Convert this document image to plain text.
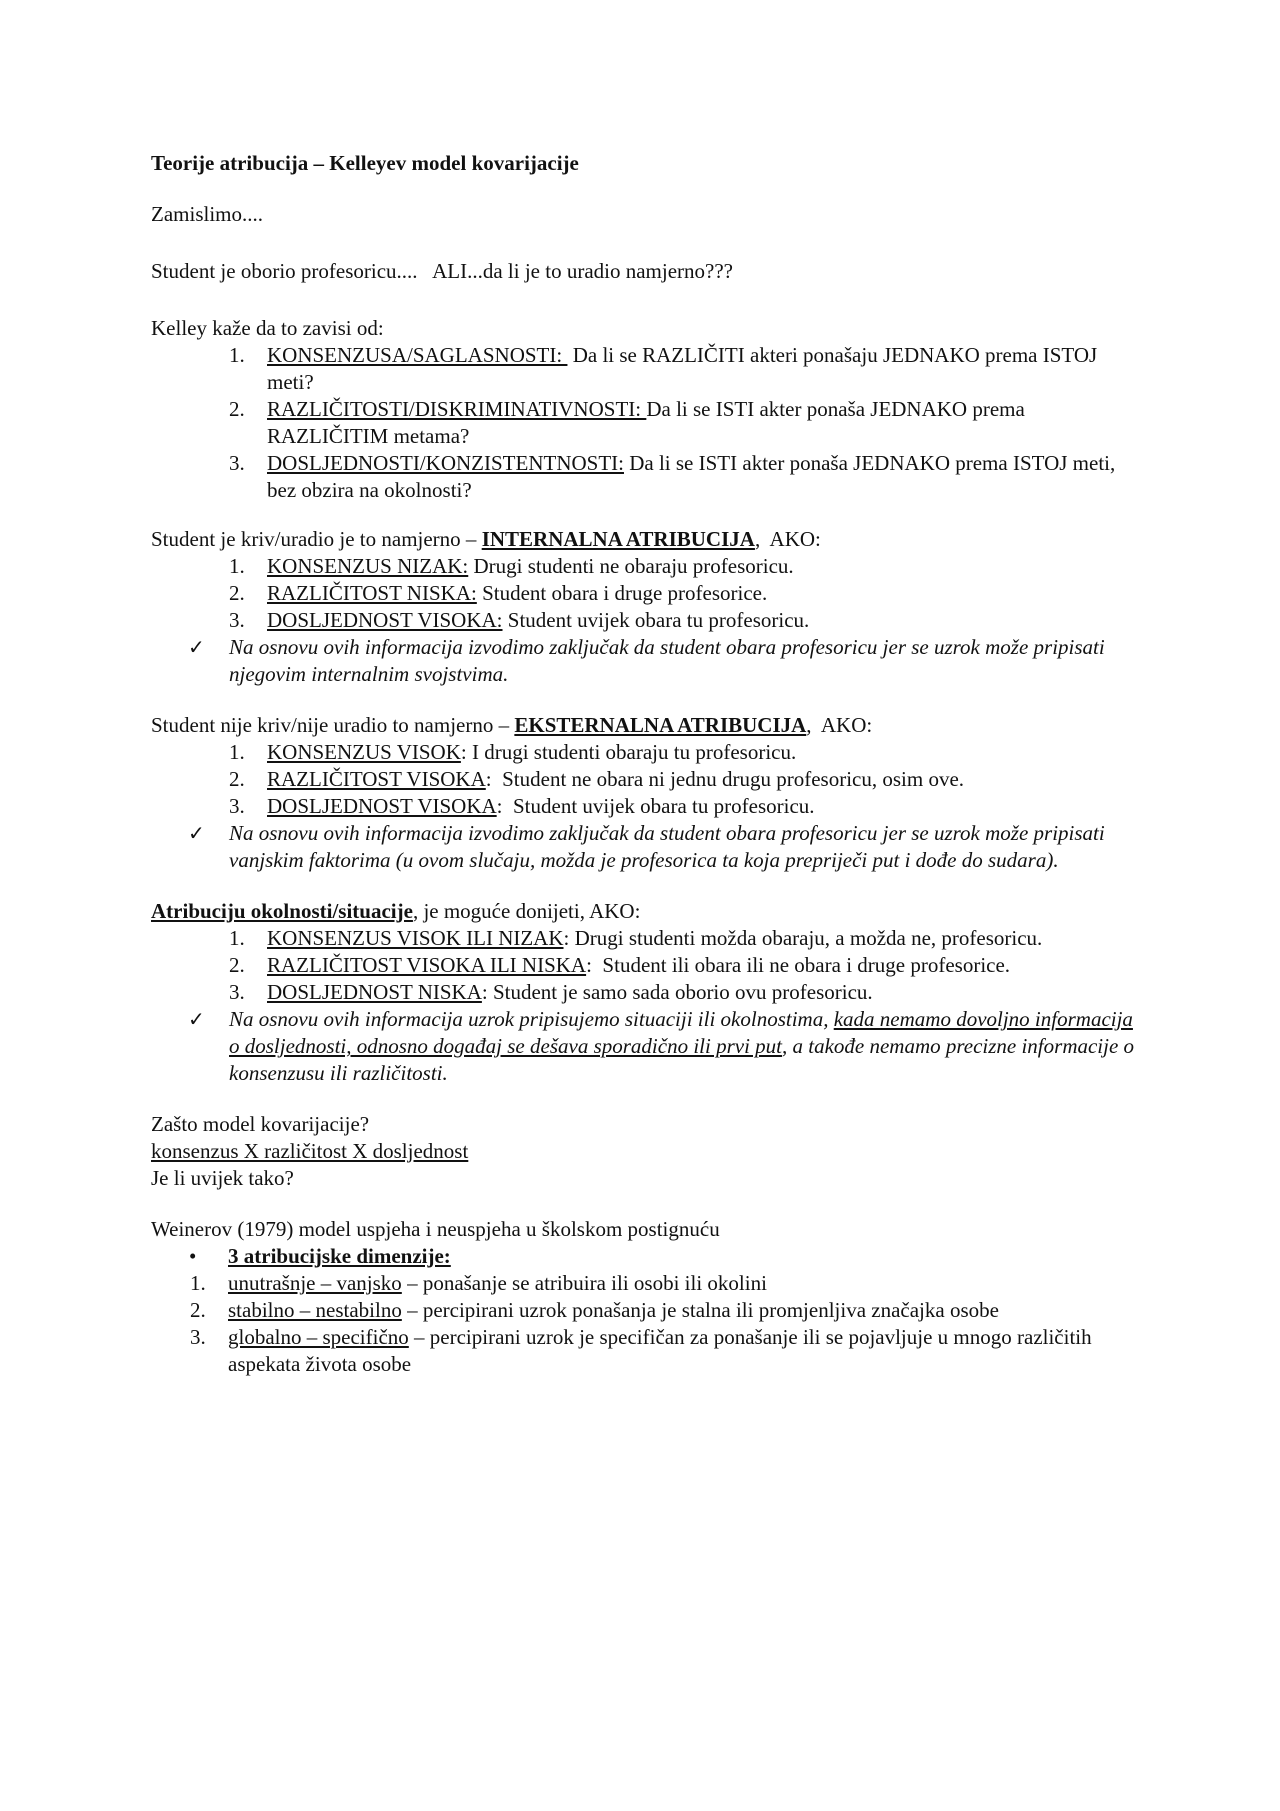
Teorije atribucija – Kelleyev model kovarijacije

Zamislimo....

Student je oborio profesoricu....   ALI...da li je to uradio namjerno???

Kelley kaže da to zavisi od:

1. KONSENZUSA/SAGLASNOSTI:  Da li se RAZLIČITI akteri ponašaju JEDNAKO prema ISTOJ meti?
2. RAZLIČITOSTI/DISKRIMINATIVNOSTI: Da li se ISTI akter ponaša JEDNAKO prema RAZLIČITIM metama?
3. DOSLJEDNOSTI/KONZISTENTNOSTI: Da li se ISTI akter ponaša JEDNAKO prema ISTOJ meti, bez obzira na okolnosti?

Student je kriv/uradio je to namjerno – INTERNALNA ATRIBUCIJA,  AKO:

1. KONSENZUS NIZAK: Drugi studenti ne obaraju profesoricu.
2. RAZLIČITOST NISKA: Student obara i druge profesorice.
3. DOSLJEDNOST VISOKA: Student uvijek obara tu profesoricu.
✓ Na osnovu ovih informacija izvodimo zaključak da student obara profesoricu jer se uzrok može pripisati njegovim internalnim svojstvima.

Student nije kriv/nije uradio to namjerno – EKSTERNALNA ATRIBUCIJA,  AKO:

1. KONSENZUS VISOK: I drugi studenti obaraju tu profesoricu.
2. RAZLIČITOST VISOKA:  Student ne obara ni jednu drugu profesoricu, osim ove.
3. DOSLJEDNOST VISOKA:  Student uvijek obara tu profesoricu.
✓ Na osnovu ovih informacija izvodimo zaključak da student obara profesoricu jer se uzrok može pripisati vanjskim faktorima (u ovom slučaju, možda je profesorica ta koja prepriječi put i dođe do sudara).

Atribuciju okolnosti/situacije, je moguće donijeti, AKO:

1. KONSENZUS VISOK ILI NIZAK: Drugi studenti možda obaraju, a možda ne, profesoricu.
2. RAZLIČITOST VISOKA ILI NISKA:  Student ili obara ili ne obara i druge profesorice.
3. DOSLJEDNOST NISKA: Student je samo sada oborio ovu profesoricu.
✓ Na osnovu ovih informacija uzrok pripisujemo situaciji ili okolnostima, kada nemamo dovoljno informacija o dosljednosti, odnosno događaj se dešava sporadično ili prvi put, a takođe nemamo precizne informacije o konsenzusu ili različitosti.

Zašto model kovarijacije?

konsenzus X različitost X dosljednost

Je li uvijek tako?

Weinerov (1979) model uspjeha i neuspjeha u školskom postignuću

• 3 atribucijske dimenzije:
1. unutrašnje – vanjsko – ponašanje se atribuira ili osobi ili okolini
2. stabilno – nestabilno – percipirani uzrok ponašanja je stalna ili promjenljiva značajka osobe
3. globalno – specifično – percipirani uzrok je specifičan za ponašanje ili se pojavljuje u mnogo različitih aspekata života osobe
